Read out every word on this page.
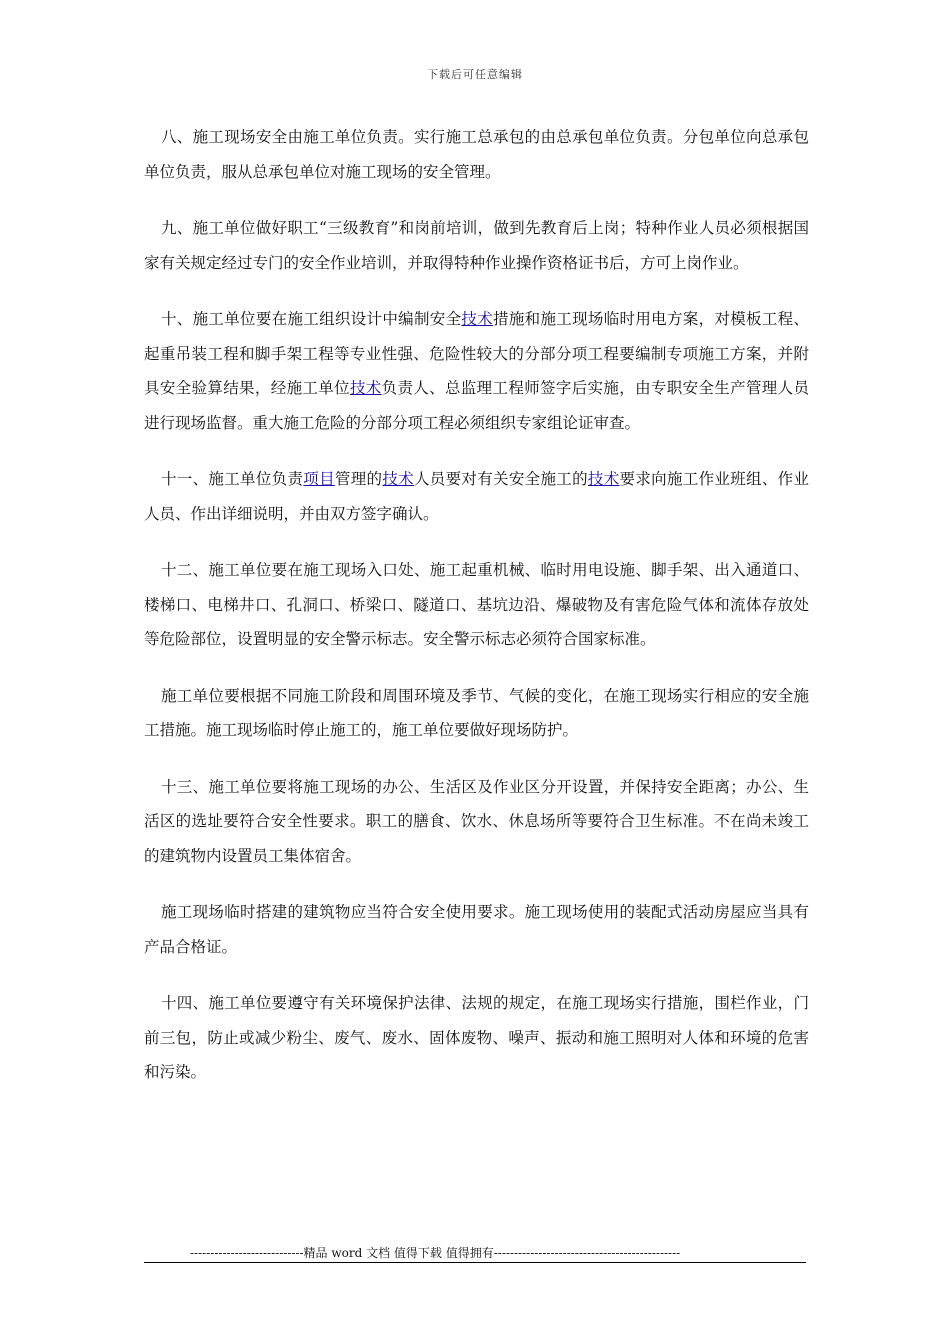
下载后可任意编辑

八、施工现场安全由施工单位负责。实行施工总承包的由总承包单位负责。分包单位向总承包单位负责，服从总承包单位对施工现场的安全管理。

九、施工单位做好职工“三级教育”和岗前培训，做到先教育后上岗；特种作业人员必须根据国家有关规定经过专门的安全作业培训，并取得特种作业操作资格证书后，方可上岗作业。

十、施工单位要在施工组织设计中编制安全技术措施和施工现场临时用电方案，对模板工程、起重吊装工程和脚手架工程等专业性强、危险性较大的分部分项工程要编制专项施工方案，并附具安全验算结果，经施工单位技术负责人、总监理工程师签字后实施，由专职安全生产管理人员进行现场监督。重大施工危险的分部分项工程必须组织专家组论证审查。

十一、施工单位负责项目管理的技术人员要对有关安全施工的技术要求向施工作业班组、作业人员、作出详细说明，并由双方签字确认。

十二、施工单位要在施工现场入口处、施工起重机械、临时用电设施、脚手架、出入通道口、楼梯口、电梯井口、孔洞口、桥梁口、隧道口、基坑边沿、爆破物及有害危险气体和流体存放处等危险部位，设置明显的安全警示标志。安全警示标志必须符合国家标准。

施工单位要根据不同施工阶段和周围环境及季节、气候的变化，在施工现场实行相应的安全施工措施。施工现场临时停止施工的，施工单位要做好现场防护。

十三、施工单位要将施工现场的办公、生活区及作业区分开设置，并保持安全距离；办公、生活区的选址要符合安全性要求。职工的膳食、饮水、休息场所等要符合卫生标准。不在尚未竣工的建筑物内设置员工集体宿舍。

施工现场临时搭建的建筑物应当符合安全使用要求。施工现场使用的装配式活动房屋应当具有产品合格证。

十四、施工单位要遵守有关环境保护法律、法规的规定，在施工现场实行措施，围栏作业，门前三包，防止或减少粉尘、废气、废水、固体废物、噪声、振动和施工照明对人体和环境的危害和污染。

----------------------------精品 word 文档 值得下载 值得拥有----------------------------------------------
